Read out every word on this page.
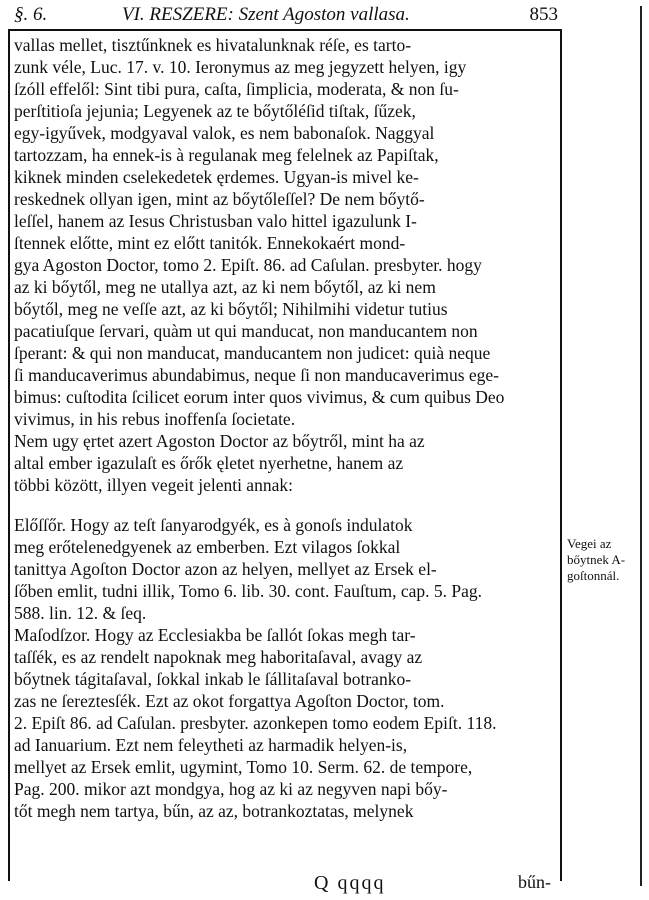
§. 6.	VI. RESZERE: Szent Agoston vallasa.	853
vallas mellet, tisztűnknek es hivatalunknak réſe, es tarto-
zunk véle, Luc. 17. v. 10. Ieronymus az meg jegyzett helyen, igy
ſzóll effelől: Sint tibi pura, caſta, ſimplicia, moderata, & non ſu-
perſtitioſa jejunia; Legyenek az te bőytőléſid tiſtak, ſűzek,
egy-igyűvek, modgyaval valok, es nem babonaſok. Naggyal
tartozzam, ha ennek-is à regulanak meg felelnek az Papiſtak,
kiknek minden cselekedetek ęrdemes. Ugyan-is mivel ke-
reskednek ollyan igen, mint az bőytőleſſel? De nem bőytő-
leſſel, hanem az Iesus Christusban valo hittel igazulunk I-
ſtennek előtte, mint ez előtt tanitók. Ennekokaért mond-
gya Agoston Doctor, tomo 2. Epiſt. 86. ad Caſulan. presbyter. hogy
az ki bőytől, meg ne utallya azt, az ki nem bőytől, az ki nem
bőytől, meg ne veſſe azt, az ki bőytől; Nihilmihi videtur tutius
pacatiuſque ſervari, quàm ut qui manducat, non manducantem non
ſperant: & qui non manducat, manducantem non judicet: quià neque
ſi manducaverimus abundabimus, neque ſi non manducaverimus ege-
bimus: cuſtodita ſcilicet eorum inter quos vivimus, & cum quibus Deo
vivimus, in his rebus inoffenſa ſocietate.
Nem ugy ęrtet azert Agoston Doctor az bőytről, mint ha az
altal ember igazulaſt es őrők ęletet nyerhetne, hanem az
többi között, illyen vegeit jelenti annak:
Előſſőr. Hogy az teſt ſanyarodgyék, es à gonoſs indulatok
meg erőtelenedgyenek az emberben. Ezt vilagos ſokkal
tanittya Agoſton Doctor azon az helyen, mellyet az Ersek el-
ſőben emlit, tudni illik, Tomo 6. lib. 30. cont. Fauſtum, cap. 5. Pag.
588. lin. 12. & ſeq.
Maſodſzor. Hogy az Ecclesiakba be ſallót ſokas megh tar-
taſſék, es az rendelt napoknak meg haboritaſaval, avagy az
bőytnek tágitaſaval, ſokkal inkab le ſállitaſaval botranko-
zas ne ſereztesſék. Ezt az okot forgattya Agoſton Doctor, tom.
2. Epiſt 86. ad Caſulan. presbyter. azonkepen tomo eodem Epiſt. 118.
ad Ianuarium. Ezt nem feleytheti az harmadik helyen-is,
mellyet az Ersek emlit, ugymint, Tomo 10. Serm. 62. de tempore,
Pag. 200. mikor azt mondgya, hog az ki az negyven napi bőy-
tőt megh nem tartya, bűn, az az, botrankoztatas, melynek
Vegei az
bőytnek A-
goſtonnál.
Q qqqq	bűn-
